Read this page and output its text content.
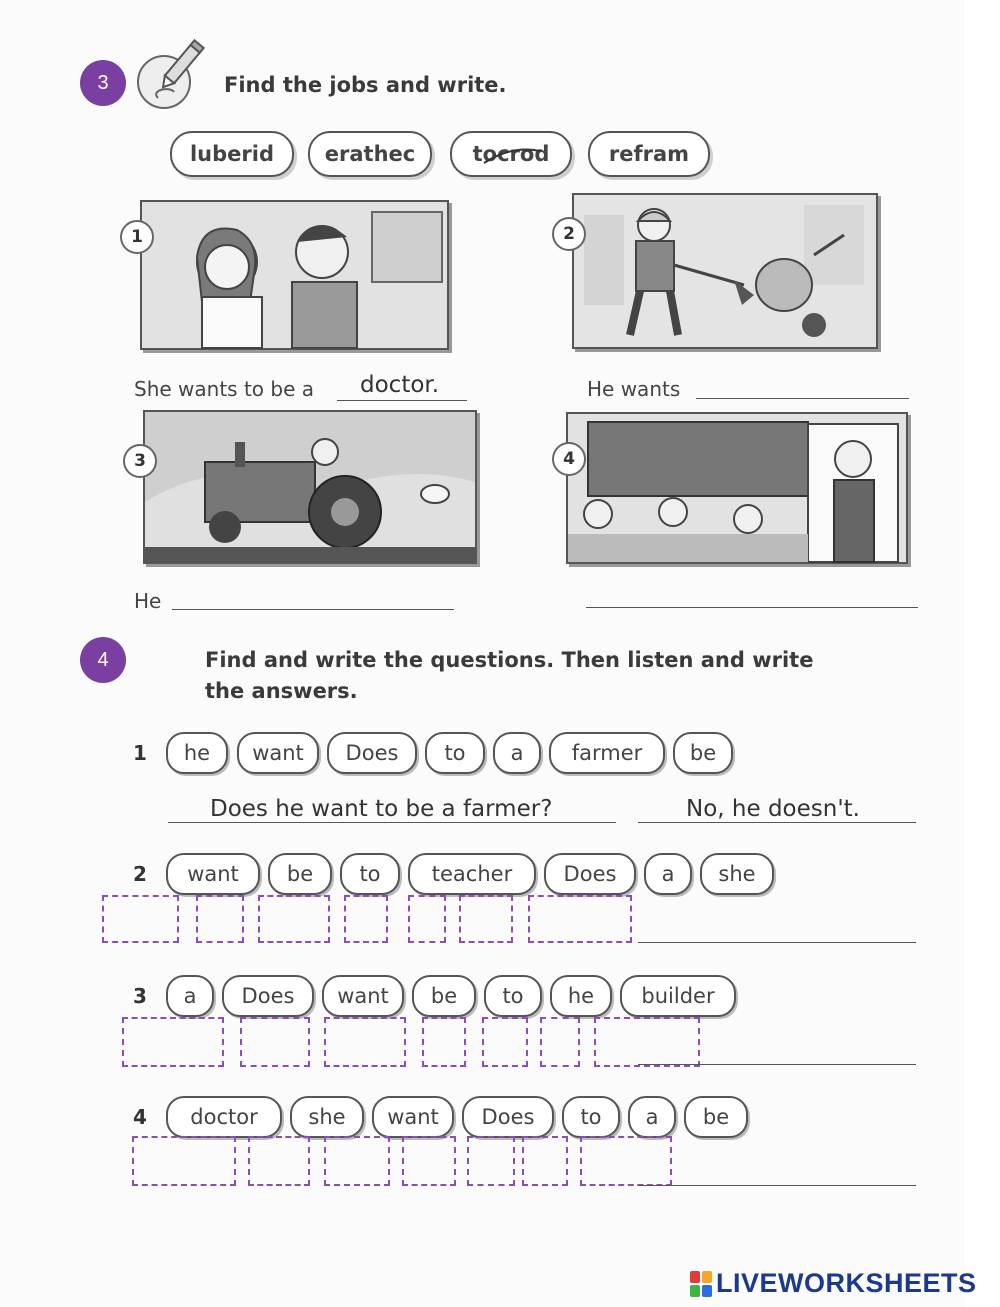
3	Find the jobs and write.
luberid erathec	tocrod	refram
1	2
She wants to be a doctor.	He wants
3	4
He
4	Find and write the questions. Then listen and write
the answers.
1 he want Does to a farmer be
Does he want to be a farmer?	No, he doesn't.
2 want be to teacher Does a she
3 a Does want be to he builder
4 doctor she want Does to a be
LIVEWORKSHEETS
